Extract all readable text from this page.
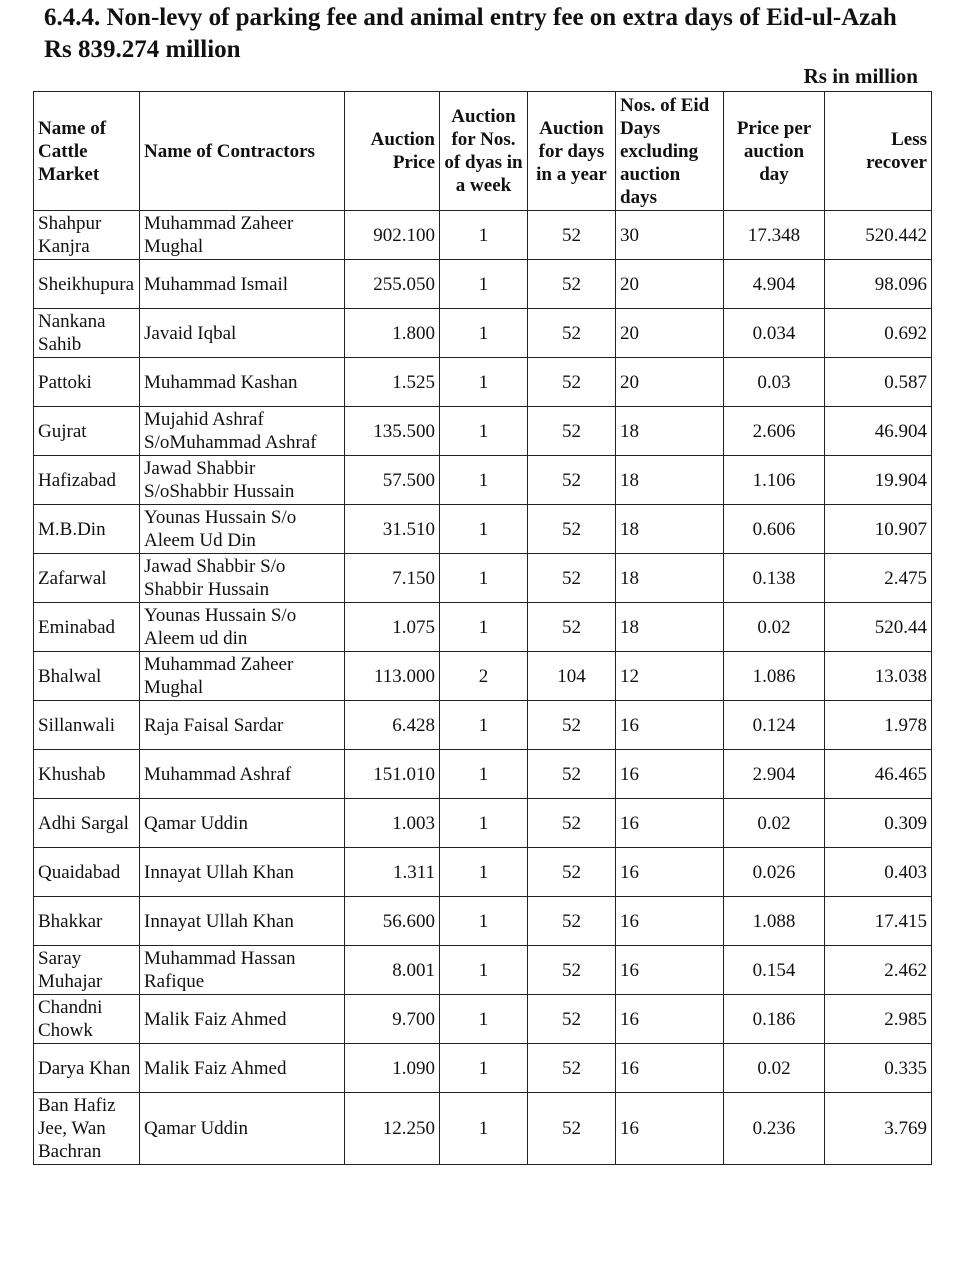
6.4.4. Non-levy of parking fee and animal entry fee on extra days of Eid-ul-Azah Rs 839.274 million
Rs in million
Name of Cattle Market	Name of Contractors	Auction Price	Auction for Nos. of dyas in a week	Auction for days in a year	Nos. of Eid Days excluding auction days	Price per auction day	Less recover
Shahpur Kanjra	Muhammad Zaheer Mughal	902.100	1	52	30	17.348	520.442
Sheikhupura	Muhammad Ismail	255.050	1	52	20	4.904	98.096
Nankana Sahib	Javaid Iqbal	1.800	1	52	20	0.034	0.692
Pattoki	Muhammad Kashan	1.525	1	52	20	0.03	0.587
Gujrat	Mujahid Ashraf S/oMuhammad Ashraf	135.500	1	52	18	2.606	46.904
Hafizabad	Jawad Shabbir S/oShabbir Hussain	57.500	1	52	18	1.106	19.904
M.B.Din	Younas Hussain S/o Aleem Ud Din	31.510	1	52	18	0.606	10.907
Zafarwal	Jawad Shabbir S/o Shabbir Hussain	7.150	1	52	18	0.138	2.475
Eminabad	Younas Hussain S/o Aleem ud din	1.075	1	52	18	0.02	520.44
Bhalwal	Muhammad Zaheer Mughal	113.000	2	104	12	1.086	13.038
Sillanwali	Raja Faisal Sardar	6.428	1	52	16	0.124	1.978
Khushab	Muhammad Ashraf	151.010	1	52	16	2.904	46.465
Adhi Sargal	Qamar Uddin	1.003	1	52	16	0.02	0.309
Quaidabad	Innayat Ullah Khan	1.311	1	52	16	0.026	0.403
Bhakkar	Innayat Ullah Khan	56.600	1	52	16	1.088	17.415
Saray Muhajar	Muhammad Hassan Rafique	8.001	1	52	16	0.154	2.462
Chandni Chowk	Malik Faiz Ahmed	9.700	1	52	16	0.186	2.985
Darya Khan	Malik Faiz Ahmed	1.090	1	52	16	0.02	0.335
Ban Hafiz Jee, Wan Bachran	Qamar Uddin	12.250	1	52	16	0.236	3.769
